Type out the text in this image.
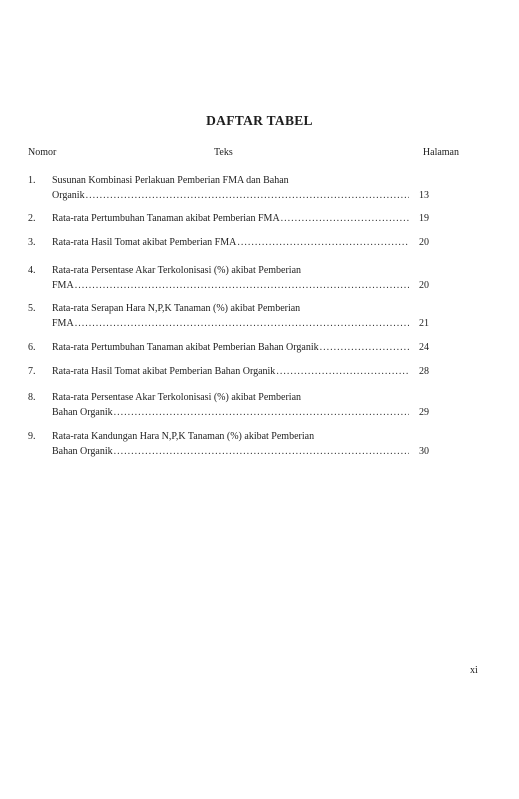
DAFTAR TABEL
Nomor	Teks	Halaman
1. Susunan Kombinasi Perlakuan Pemberian FMA dan Bahan
Organik .....	13
2. Rata-rata Pertumbuhan Tanaman akibat Pemberian FMA .....	19
3. Rata-rata Hasil Tomat akibat Pemberian FMA .....	20
4. Rata-rata Persentase Akar Terkolonisasi (%) akibat Pemberian
FMA .....	20
5. Rata-rata Serapan Hara N,P,K Tanaman (%) akibat Pemberian
FMA .....	21
6. Rata-rata Pertumbuhan Tanaman akibat Pemberian Bahan Organik .....	24
7. Rata-rata Hasil Tomat akibat Pemberian Bahan Organik .....	28
8. Rata-rata Persentase Akar Terkolonisasi (%) akibat Pemberian
Bahan Organik .....	29
9. Rata-rata Kandungan Hara N,P,K Tanaman (%) akibat Pemberian
Bahan Organik .....	30
xi
